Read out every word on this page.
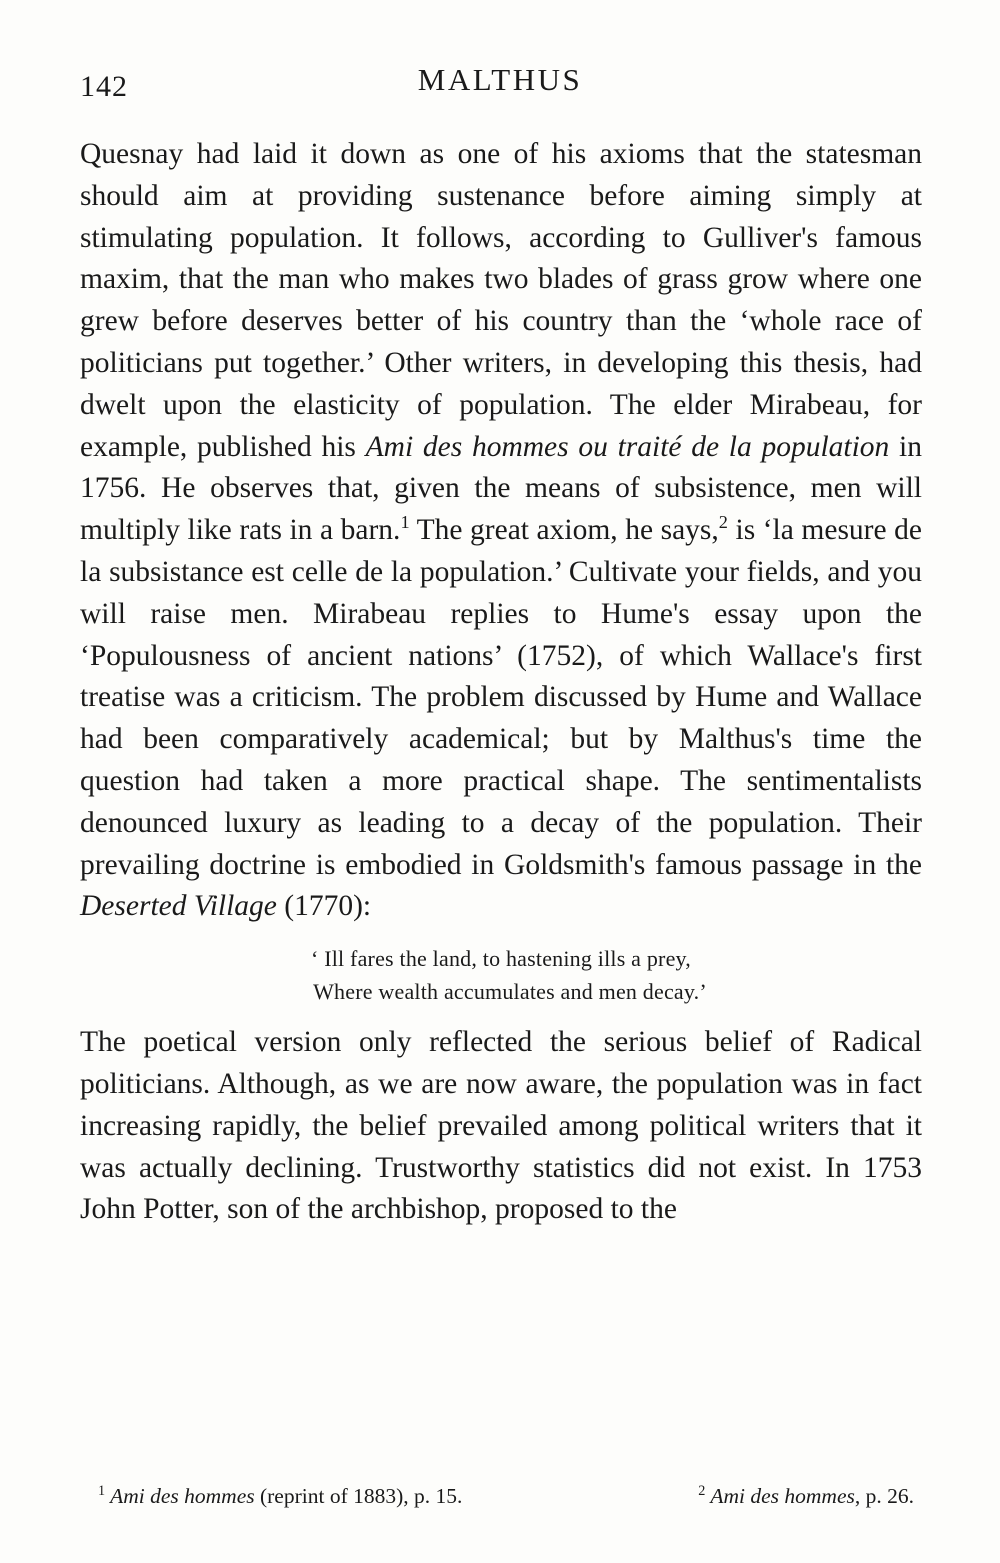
142	MALTHUS

Quesnay had laid it down as one of his axioms that the statesman should aim at providing sustenance before aiming simply at stimulating population. It follows, according to Gulliver's famous maxim, that the man who makes two blades of grass grow where one grew before deserves better of his country than the ‘whole race of politicians put together.’ Other writers, in developing this thesis, had dwelt upon the elasticity of population. The elder Mirabeau, for example, published his Ami des hommes ou traité de la population in 1756. He observes that, given the means of subsistence, men will multiply like rats in a barn.$^1$ The great axiom, he says,$^2$ is ‘la mesure de la subsistance est celle de la population.’ Cultivate your fields, and you will raise men. Mirabeau replies to Hume's essay upon the ‘Populousness of ancient nations’ (1752), of which Wallace's first treatise was a criticism. The problem discussed by Hume and Wallace had been comparatively academical; but by Malthus's time the question had taken a more practical shape. The sentimentalists denounced luxury as leading to a decay of the population. Their prevailing doctrine is embodied in Goldsmith's famous passage in the Deserted Village (1770):

‘ Ill fares the land, to hastening ills a prey,
Where wealth accumulates and men decay.’

The poetical version only reflected the serious belief of Radical politicians. Although, as we are now aware, the population was in fact increasing rapidly, the belief prevailed among political writers that it was actually declining. Trustworthy statistics did not exist. In 1753 John Potter, son of the archbishop, proposed to the

$^1$ Ami des hommes (reprint of 1883), p. 15.	$^2$ Ami des hommes, p. 26.
